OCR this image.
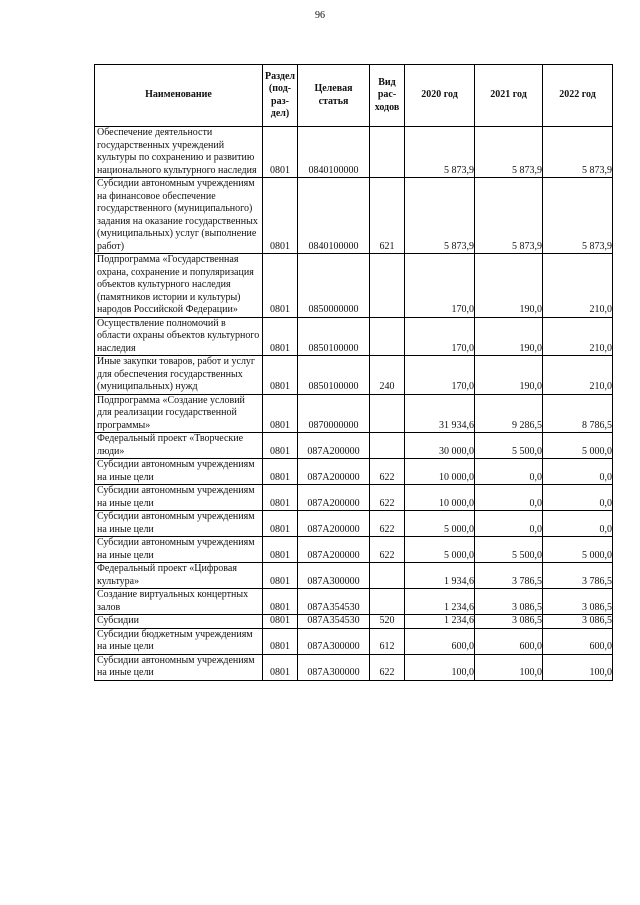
96
Наименование	Раздел (под-раз-дел)	Целевая статья	Вид рас-ходов	2020 год	2021 год	2022 год
Обеспечение деятельности государственных учреждений культуры по сохранению и развитию национального культурного наследия	0801	0840100000		5 873,9	5 873,9	5 873,9
Субсидии автономным учреждениям на финансовое обеспечение государственного (муниципального) задания на оказание государственных (муниципальных) услуг (выполнение работ)	0801	0840100000	621	5 873,9	5 873,9	5 873,9
Подпрограмма «Государственная охрана, сохранение и популяризация объектов культурного наследия (памятников истории и культуры) народов Российской Федерации»	0801	0850000000		170,0	190,0	210,0
Осуществление полномочий в области охраны объектов культурного наследия	0801	0850100000		170,0	190,0	210,0
Иные закупки товаров, работ и услуг для обеспечения государственных (муниципальных) нужд	0801	0850100000	240	170,0	190,0	210,0
Подпрограмма «Создание условий для реализации государственной программы»	0801	0870000000		31 934,6	9 286,5	8 786,5
Федеральный проект «Творческие люди»	0801	087A200000		30 000,0	5 500,0	5 000,0
Субсидии автономным учреждениям на иные цели	0801	087A200000	622	10 000,0	0,0	0,0
Субсидии автономным учреждениям на иные цели	0801	087A200000	622	10 000,0	0,0	0,0
Субсидии автономным учреждениям на иные цели	0801	087A200000	622	5 000,0	0,0	0,0
Субсидии автономным учреждениям на иные цели	0801	087A200000	622	5 000,0	5 500,0	5 000,0
Федеральный проект «Цифровая культура»	0801	087A300000		1 934,6	3 786,5	3 786,5
Создание виртуальных концертных залов	0801	087A354530		1 234,6	3 086,5	3 086,5
Субсидии	0801	087A354530	520	1 234,6	3 086,5	3 086,5
Субсидии бюджетным учреждениям на иные цели	0801	087A300000	612	600,0	600,0	600,0
Субсидии автономным учреждениям на иные цели	0801	087A300000	622	100,0	100,0	100,0
